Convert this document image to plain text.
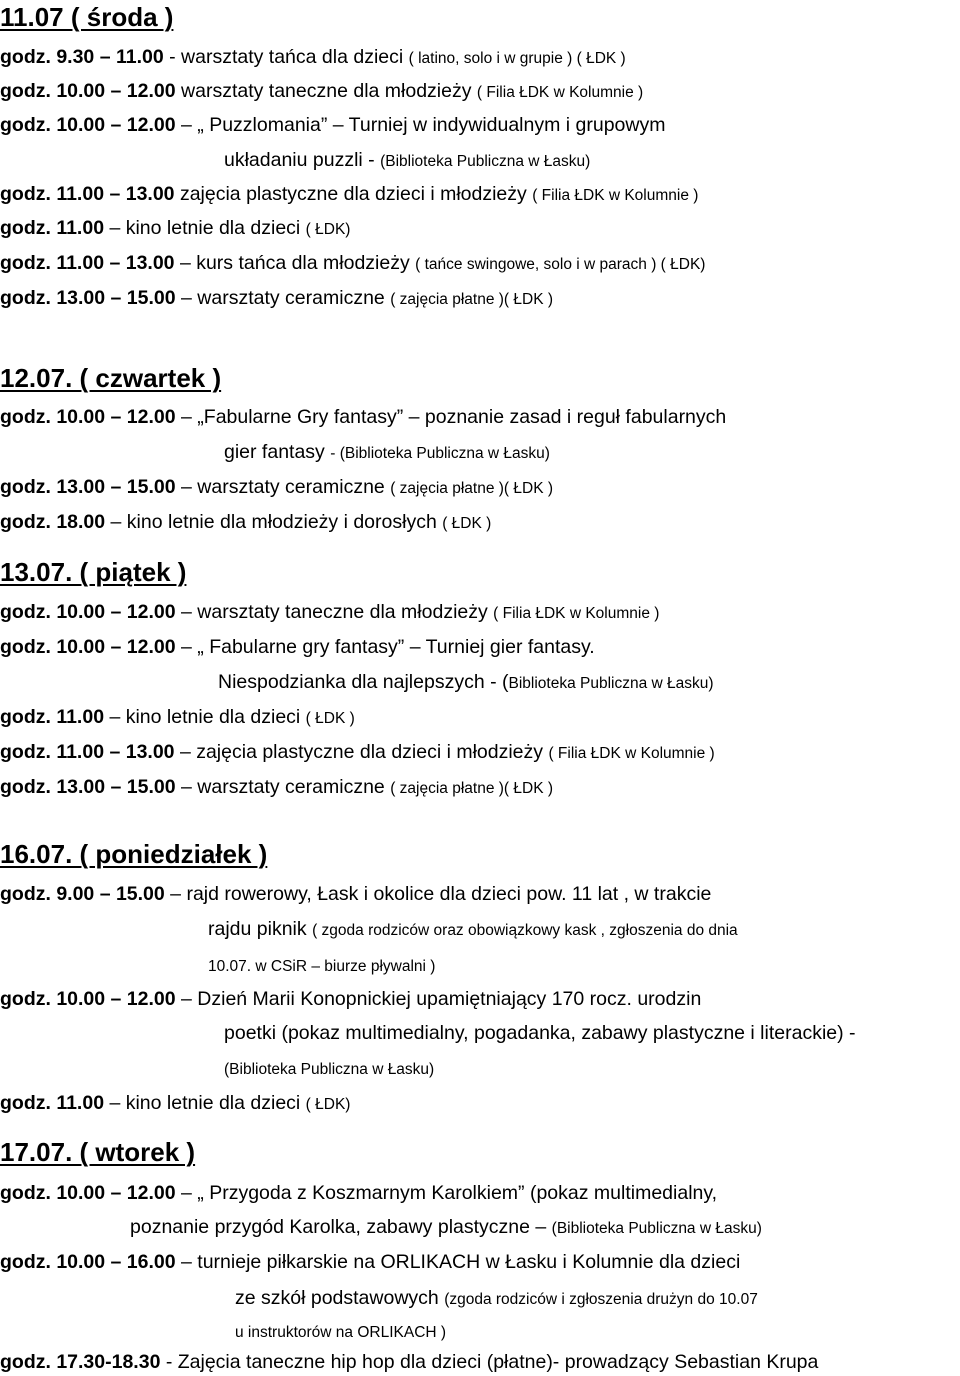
11.07 ( środa )
godz. 9.30 – 11.00 - warsztaty tańca dla dzieci ( latino, solo i w grupie ) ( ŁDK )
godz. 10.00 – 12.00 warsztaty taneczne dla młodzieży ( Filia ŁDK w Kolumnie )
godz. 10.00 – 12.00 – „ Puzzlomania” – Turniej w indywidualnym i grupowym
układaniu puzzli - (Biblioteka Publiczna w Łasku)
godz. 11.00 – 13.00 zajęcia plastyczne dla dzieci i młodzieży ( Filia ŁDK w Kolumnie )
godz. 11.00 – kino letnie dla dzieci ( ŁDK)
godz. 11.00 – 13.00 – kurs tańca dla młodzieży ( tańce swingowe, solo i w parach ) ( ŁDK)
godz. 13.00 – 15.00 – warsztaty ceramiczne ( zajęcia płatne )( ŁDK )
12.07. ( czwartek )
godz. 10.00 – 12.00 – „Fabularne Gry fantasy” – poznanie zasad i reguł fabularnych
gier fantasy - (Biblioteka Publiczna w Łasku)
godz. 13.00 – 15.00 – warsztaty ceramiczne ( zajęcia płatne )( ŁDK )
godz. 18.00 – kino letnie dla młodzieży i dorosłych ( ŁDK )
13.07. ( piątek )
godz. 10.00 – 12.00 – warsztaty taneczne dla młodzieży ( Filia ŁDK w Kolumnie )
godz. 10.00 – 12.00 – „ Fabularne gry fantasy” – Turniej gier fantasy.
Niespodzianka dla najlepszych - (Biblioteka Publiczna w Łasku)
godz. 11.00 – kino letnie dla dzieci ( ŁDK )
godz. 11.00 – 13.00 – zajęcia plastyczne dla dzieci i młodzieży ( Filia ŁDK w Kolumnie )
godz. 13.00 – 15.00 – warsztaty ceramiczne ( zajęcia płatne )( ŁDK )
16.07. ( poniedziałek )
godz. 9.00 – 15.00 – rajd rowerowy, Łask i okolice dla dzieci pow. 11 lat , w trakcie
rajdu piknik ( zgoda rodziców oraz obowiązkowy kask , zgłoszenia do dnia
10.07. w CSiR – biurze pływalni )
godz. 10.00 – 12.00 – Dzień Marii Konopnickiej upamiętniający 170 rocz. urodzin
poetki (pokaz multimedialny, pogadanka, zabawy plastyczne i literackie) -
(Biblioteka Publiczna w Łasku)
godz. 11.00 – kino letnie dla dzieci ( ŁDK)
17.07. ( wtorek )
godz. 10.00 – 12.00 – „ Przygoda z Koszmarnym Karolkiem” (pokaz multimedialny,
poznanie przygód Karolka, zabawy plastyczne – (Biblioteka Publiczna w Łasku)
godz. 10.00 – 16.00 – turnieje piłkarskie na ORLIKACH w Łasku i Kolumnie dla dzieci
ze szkół podstawowych (zgoda rodziców i zgłoszenia drużyn do 10.07
u instruktorów na ORLIKACH )
godz. 17.30-18.30 - Zajęcia taneczne hip hop dla dzieci (płatne)- prowadzący Sebastian Krupa
